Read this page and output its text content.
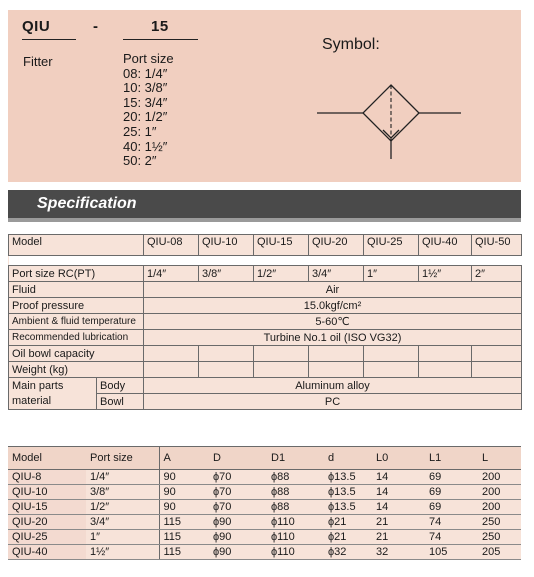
QIU	-	15
Fitter	Port size
08: 1/4″
10: 3/8″
15: 3/4″
20: 1/2″
25: 1″
40: 1½″
50: 2″
Symbol:
Specification
Model		QIU-08	QIU-10	QIU-15	QIU-20	QIU-25	QIU-40	QIU-50

Port size RC(PT)		1/4″	3/8″	1/2″	3/4″	1″	1½″	2″
Fluid		Air						
Proof pressure		15.0kgf/cm²						
Ambient & fluid temperature		5-60℃						
Recommended lubrication		Turbine No.1 oil (ISO VG32)						
Oil bowl capacity								
Weight (kg)								
Main parts	Body	Aluminum alloy						
material	Bowl	PC						
Model	Port size	A	D	D1	d	L0	L1	L
QIU-8	1/4″	90	ϕ70	ϕ88	ϕ13.5	14	69	200
QIU-10	3/8″	90	ϕ70	ϕ88	ϕ13.5	14	69	200
QIU-15	1/2″	90	ϕ70	ϕ88	ϕ13.5	14	69	200
QIU-20	3/4″	115	ϕ90	ϕ110	ϕ21	21	74	250
QIU-25	1″	115	ϕ90	ϕ110	ϕ21	21	74	250
QIU-40	1½″	115	ϕ90	ϕ110	ϕ32	32	105	205
